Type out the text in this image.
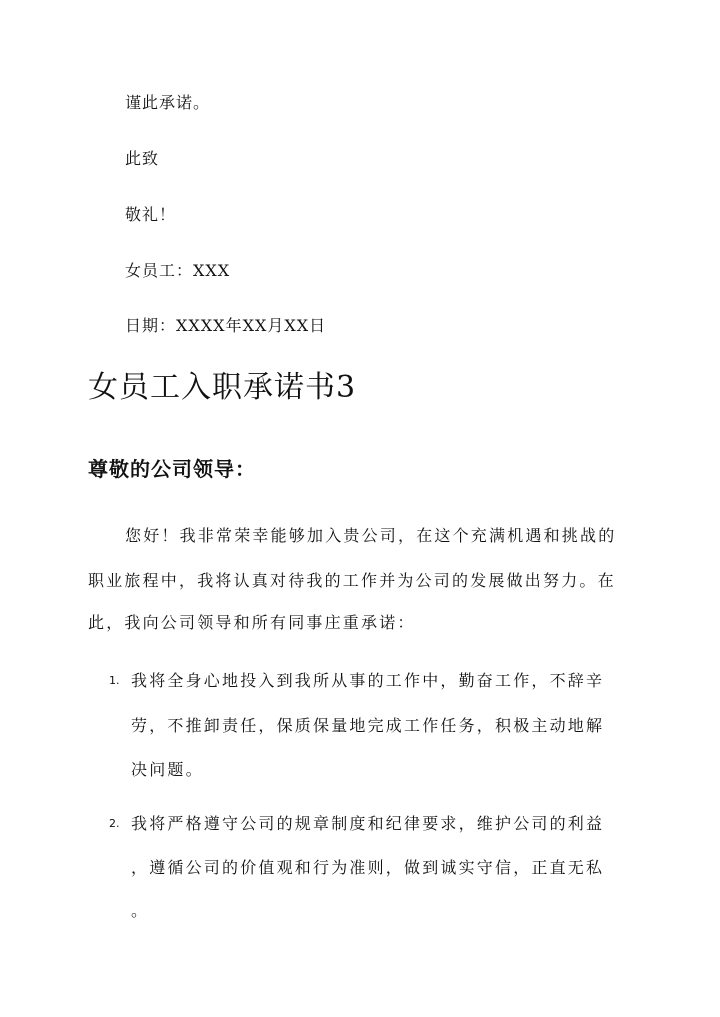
谨此承诺。
此致
敬礼！
女员工：XXX
日期：XXXX年XX月XX日
女员工入职承诺书3
尊敬的公司领导：
您好！我非常荣幸能够加入贵公司，在这个充满机遇和挑战的
职业旅程中，我将认真对待我的工作并为公司的发展做出努力。在
此，我向公司领导和所有同事庄重承诺：
1. 我将全身心地投入到我所从事的工作中，勤奋工作，不辞辛
劳，不推卸责任，保质保量地完成工作任务，积极主动地解
决问题。
2. 我将严格遵守公司的规章制度和纪律要求，维护公司的利益
，遵循公司的价值观和行为准则，做到诚实守信，正直无私
。
